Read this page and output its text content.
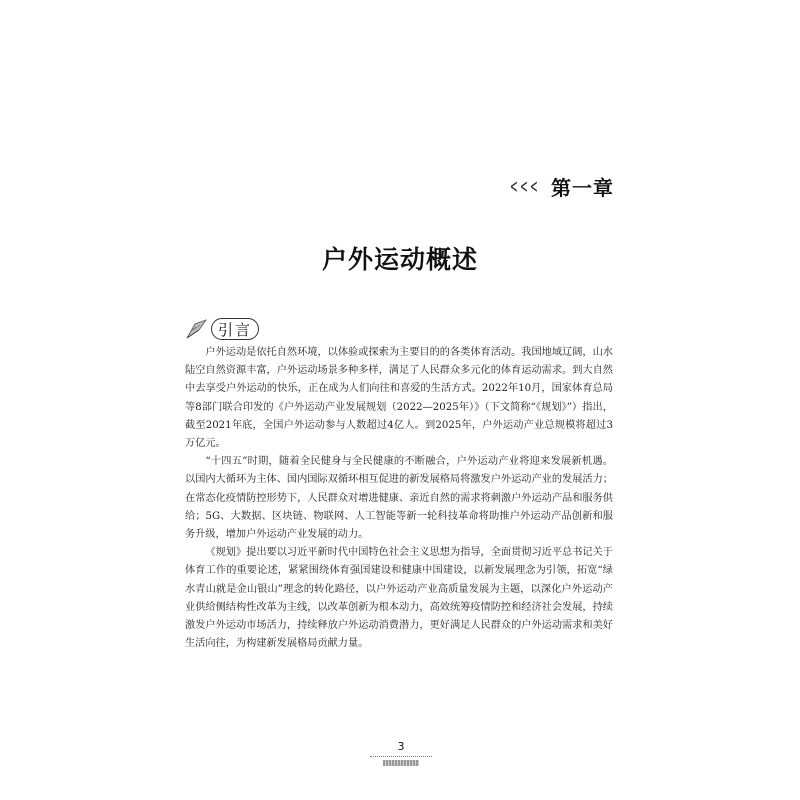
< < < 第一章
户外运动概述
引言

户外运动是依托自然环境，以体验或探索为主要目的的各类体育活动。我国地域辽阔，山水陆空自然资源丰富，户外运动场景多种多样，满足了人民群众多元化的体育运动需求。到大自然中去享受户外运动的快乐，正在成为人们向往和喜爱的生活方式。2022年10月，国家体育总局等8部门联合印发的《户外运动产业发展规划（2022—2025年）》（下文简称“《规划》”）指出，截至2021年底，全国户外运动参与人数超过4亿人。到2025年，户外运动产业总规模将超过3万亿元。

“十四五”时期，随着全民健身与全民健康的不断融合，户外运动产业将迎来发展新机遇。以国内大循环为主体、国内国际双循环相互促进的新发展格局将激发户外运动产业的发展活力；在常态化疫情防控形势下，人民群众对增进健康、亲近自然的需求将刺激户外运动产品和服务供给；5G、大数据、区块链、物联网、人工智能等新一轮科技革命将助推户外运动产品创新和服务升级，增加户外运动产业发展的动力。

《规划》提出要以习近平新时代中国特色社会主义思想为指导，全面贯彻习近平总书记关于体育工作的重要论述，紧紧围绕体育强国建设和健康中国建设，以新发展理念为引领，拓宽“绿水青山就是金山银山”理念的转化路径，以户外运动产业高质量发展为主题，以深化户外运动产业供给侧结构性改革为主线，以改革创新为根本动力，高效统筹疫情防控和经济社会发展，持续激发户外运动市场活力，持续释放户外运动消费潜力，更好满足人民群众的户外运动需求和美好生活向往，为构建新发展格局贡献力量。

3
